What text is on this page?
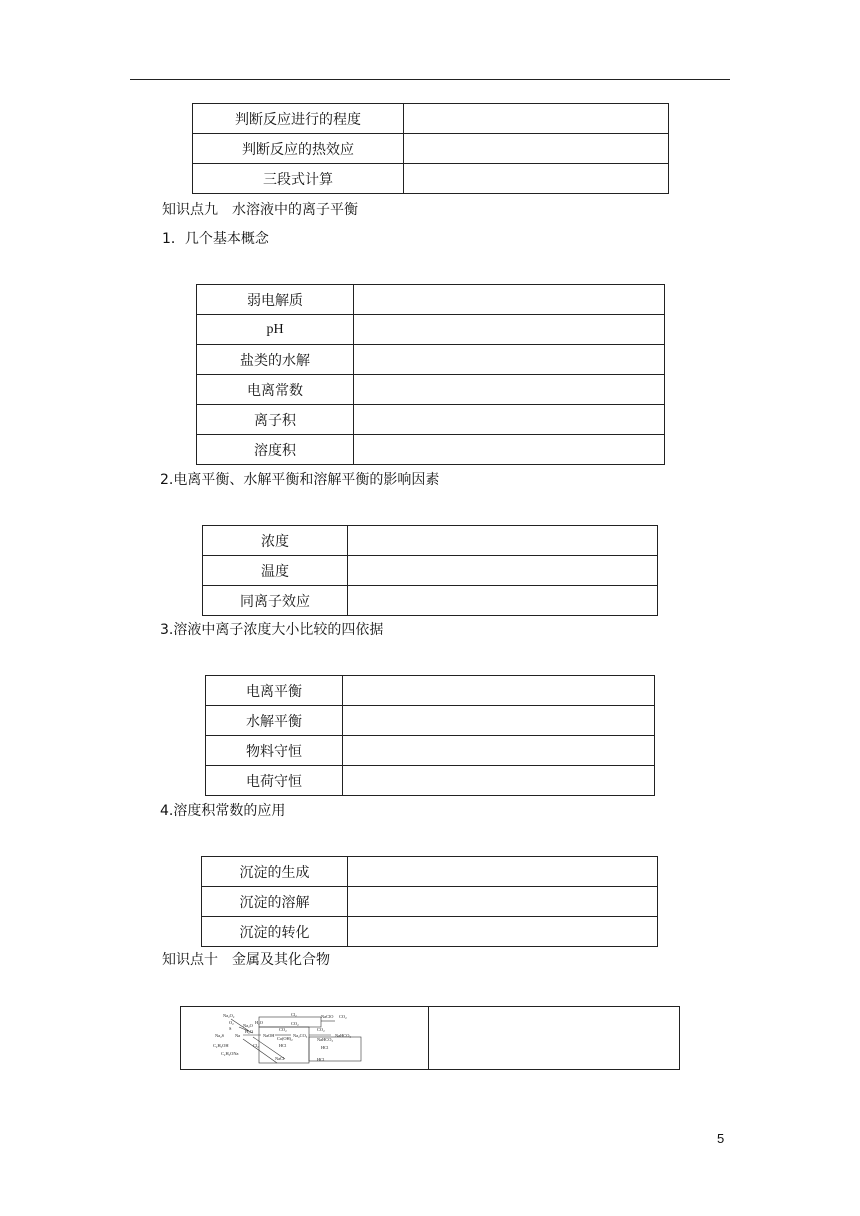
判断反应进行的程度	
判断反应的热效应	
三段式计算	
知识点九　水溶液中的离子平衡
1．几个基本概念
弱电解质	
pH	
盐类的水解	
电离常数	
离子积	
溶度积	
2.电离平衡、水解平衡和溶解平衡的影响因素
浓度	
温度	
同离子效应	
3.溶液中离子浓度大小比较的四依据
电离平衡	
水解平衡	
物料守恒	
电荷守恒	
4.溶度积常数的应用
沉淀的生成	
沉淀的溶解	
沉淀的转化	
知识点十　金属及其化合物
Na₂O₂	Cl₂	NaClO CO₂
CO₂
O₂
Na₂O
H₂O
S
H₂O
Na₂S Na	NaOH
CO₂
Ca(OH)₂
Na₂CO₃
CO₂
NaHCO₃
NaHCO₃
C₂H₅OH	HCl	HCl
Cl₂
C₂H₅ONa
NaCl	HCl

5
